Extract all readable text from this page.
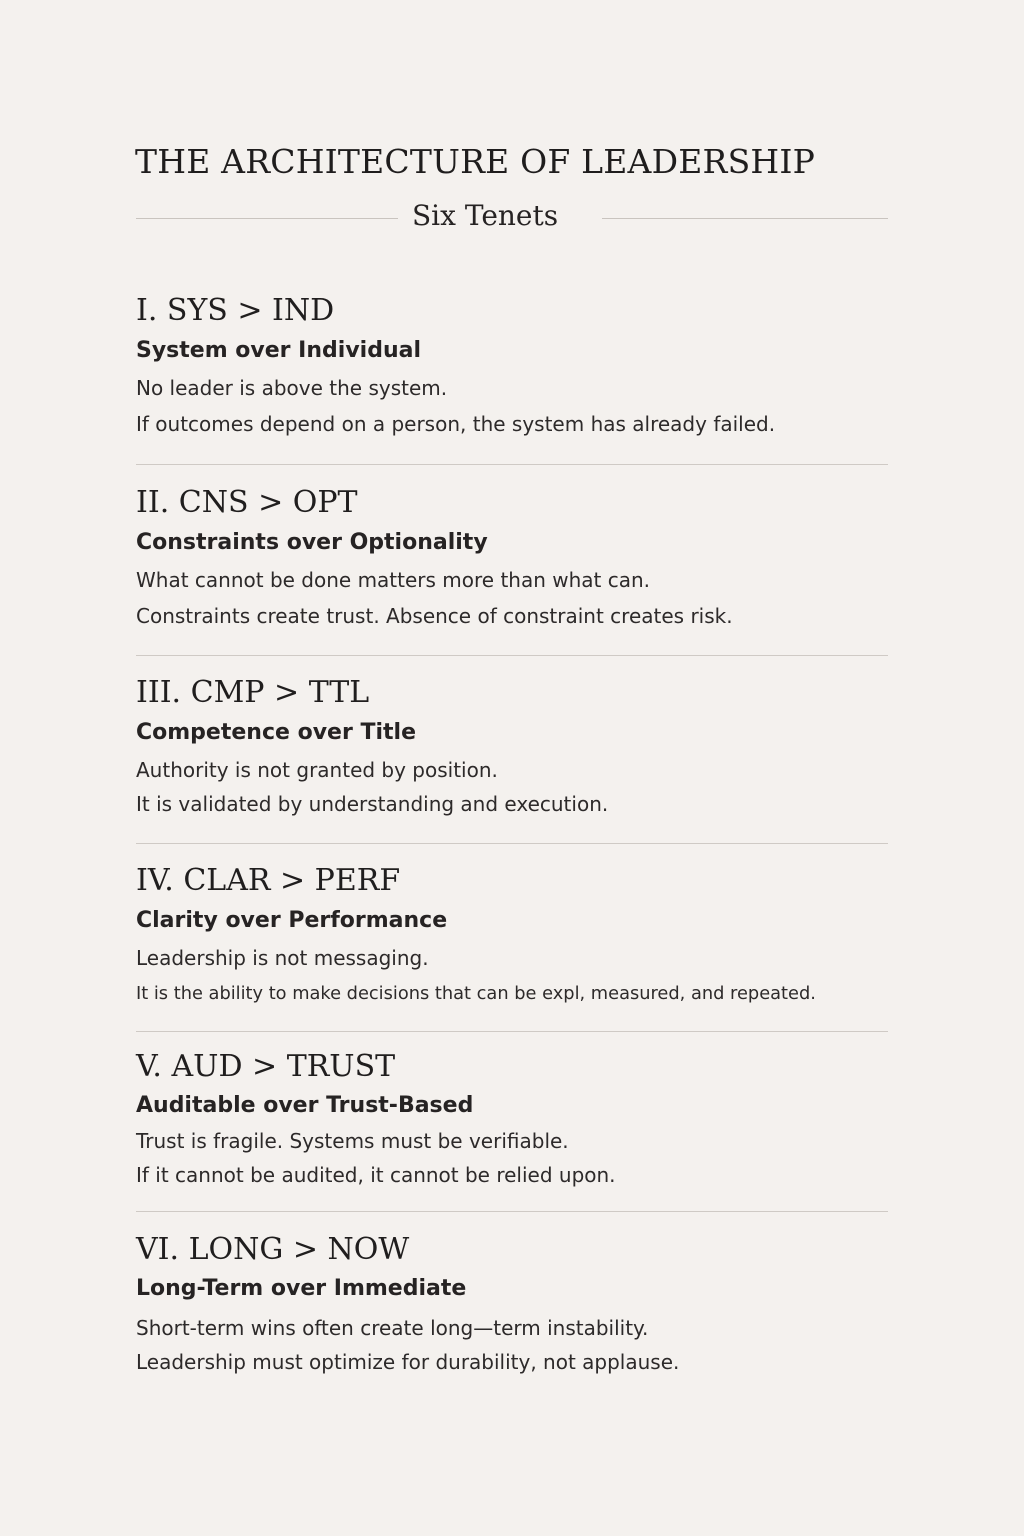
THE ARCHITECTURE OF LEADERSHIP
Six Tenets
I. SYS > IND

System over Individual

No leader is above the system.

If outcomes depend on a person, the system has already failed.

II. CNS > OPT

Constraints over Optionality

What cannot be done matters more than what can.

Constraints create trust. Absence of constraint creates risk.

III. CMP > TTL

Competence over Title

Authority is not granted by position.

It is validated by understanding and execution.

IV. CLAR > PERF

Clarity over Performance

Leadership is not messaging.

It is the ability to make decisions that can be expl, measured, and repeated.

V. AUD > TRUST

Auditable over Trust-Based

Trust is fragile. Systems must be verifiable.

If it cannot be audited, it cannot be relied upon.

VI. LONG > NOW

Long-Term over Immediate

Short-term wins often create long—term instability.

Leadership must optimize for durability, not applause.
